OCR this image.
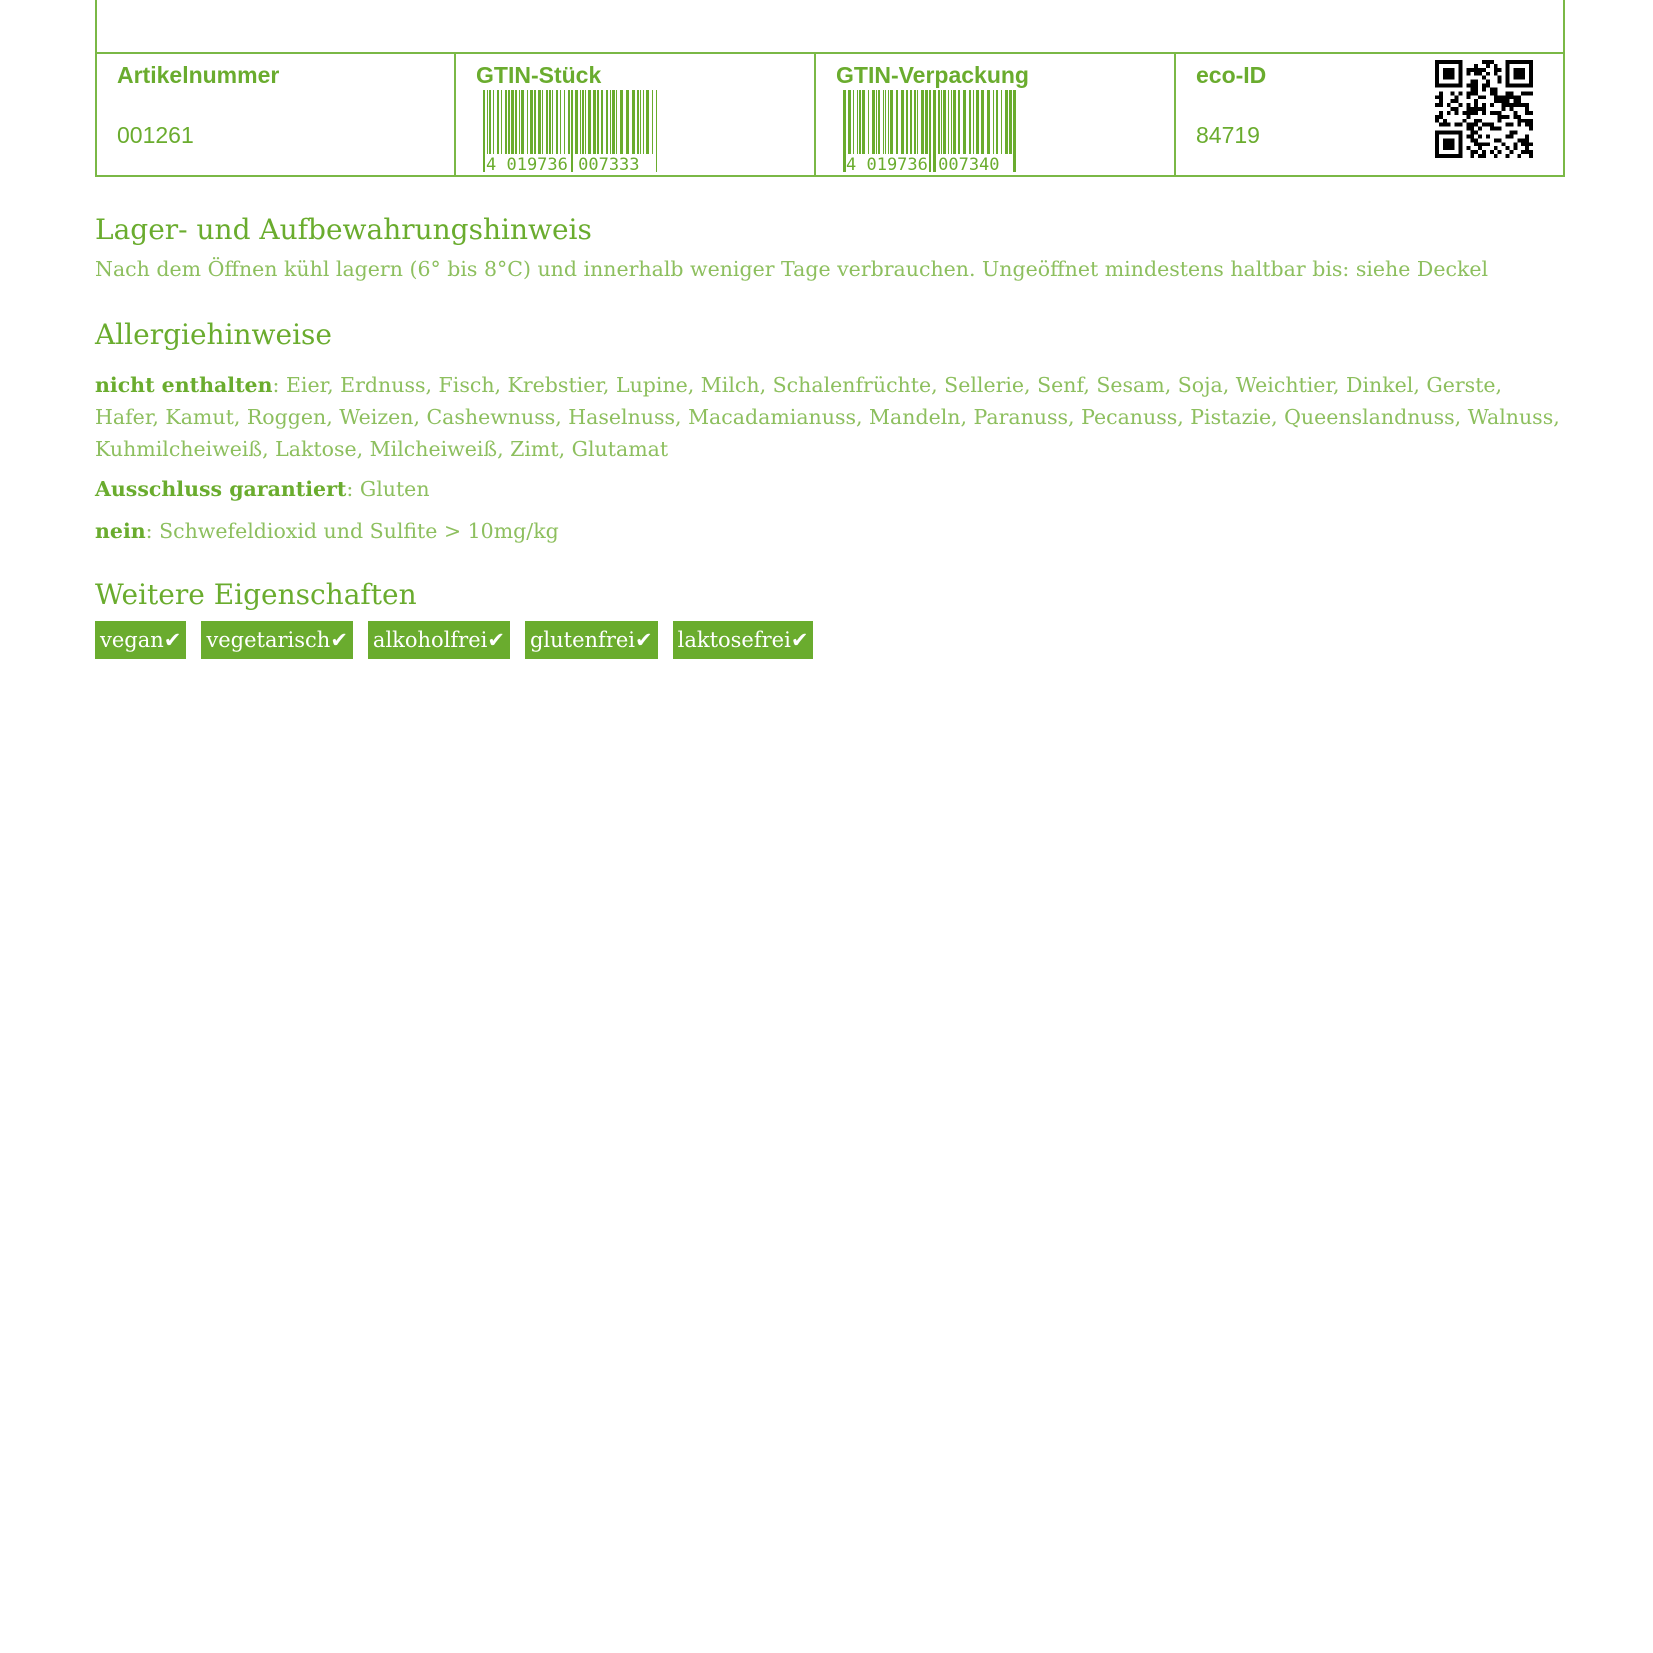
Artikelnummer
001261
GTIN-Stück
4 019736 007333
GTIN-Verpackung
4 019736 007340
eco-ID
84719
Lager- und Aufbewahrungshinweis
Nach dem Öffnen kühl lagern (6° bis 8°C) und innerhalb weniger Tage verbrauchen. Ungeöffnet mindestens haltbar bis: siehe Deckel
Allergiehinweise
nicht enthalten: Eier, Erdnuss, Fisch, Krebstier, Lupine, Milch, Schalenfrüchte, Sellerie, Senf, Sesam, Soja, Weichtier, Dinkel, Gerste, Hafer, Kamut, Roggen, Weizen, Cashewnuss, Haselnuss, Macadamianuss, Mandeln, Paranuss, Pecanuss, Pistazie, Queenslandnuss, Walnuss, Kuhmilcheiweiß, Laktose, Milcheiweiß, Zimt, Glutamat
Ausschluss garantiert: Gluten
nein: Schwefeldioxid und Sulfite > 10mg/kg
Weitere Eigenschaften
vegan✔ vegetarisch✔ alkoholfrei✔ glutenfrei✔ laktosefrei✔
